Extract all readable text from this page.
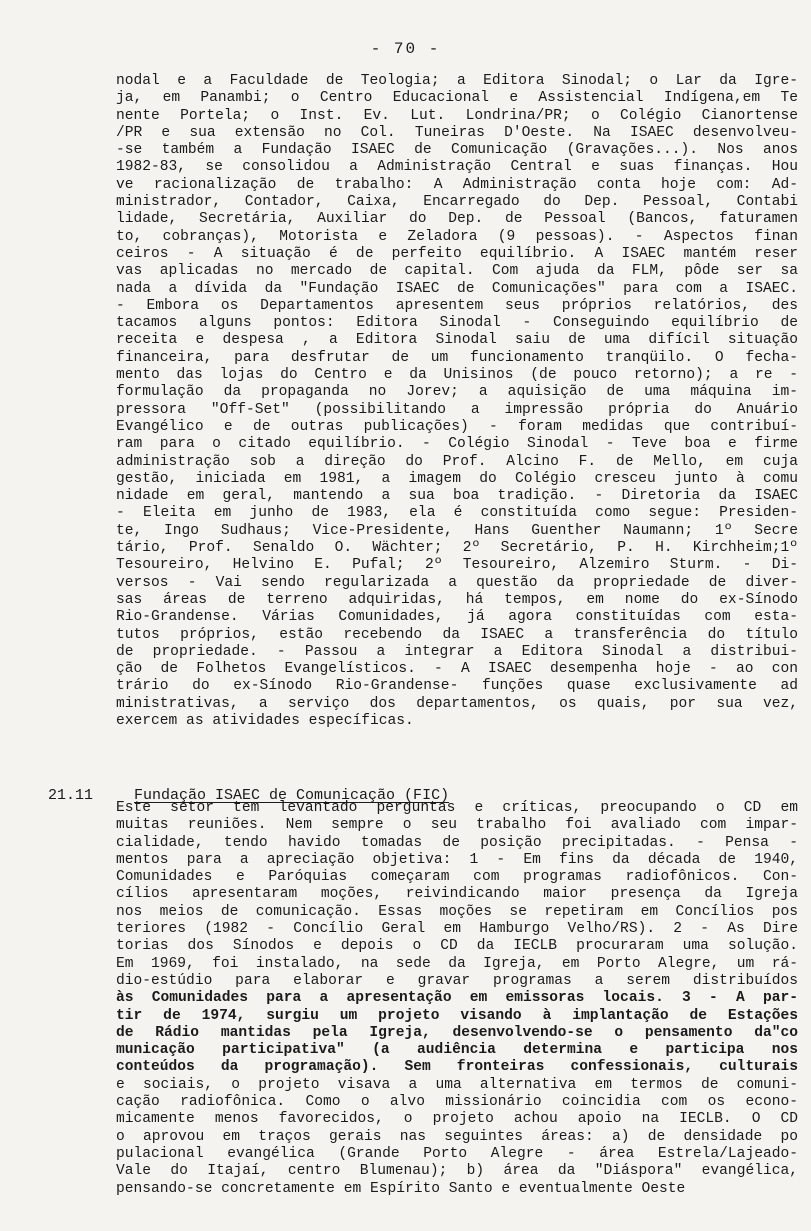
- 70 -
nodal e a Faculdade de Teologia; a Editora Sinodal; o Lar da Igre-
ja, em Panambi; o Centro Educacional e Assistencial Indígena,em Te
nente Portela; o Inst. Ev. Lut. Londrina/PR; o Colégio Cianortense
/PR e sua extensão no Col. Tuneiras D'Oeste. Na ISAEC desenvolveu-
-se também a Fundação ISAEC de Comunicação (Gravações...). Nos anos
1982-83, se consolidou a Administração Central e suas finanças. Hou
ve racionalização de trabalho: A Administração conta hoje com: Ad-
ministrador, Contador, Caixa, Encarregado do Dep. Pessoal, Contabi
lidade, Secretária, Auxiliar do Dep. de Pessoal (Bancos, faturamen
to, cobranças), Motorista e Zeladora (9 pessoas). - Aspectos finan
ceiros - A situação é de perfeito equilíbrio. A ISAEC mantém reser
vas aplicadas no mercado de capital. Com ajuda da FLM, pôde ser sa
nada a dívida da "Fundação ISAEC de Comunicações" para com a ISAEC.
- Embora os Departamentos apresentem seus próprios relatórios, des
tacamos alguns pontos: Editora Sinodal - Conseguindo equilíbrio de
receita e despesa , a Editora Sinodal saiu de uma difícil situação
financeira, para desfrutar de um funcionamento tranqüilo. O fecha-
mento das lojas do Centro e da Unisinos (de pouco retorno); a re -
formulação da propaganda no Jorev; a aquisição de uma máquina im-
pressora "Off-Set" (possibilitando a impressão própria do Anuário
Evangélico e de outras publicações) - foram medidas que contribuí-
ram para o citado equilíbrio. - Colégio Sinodal - Teve boa e firme
administração sob a direção do Prof. Alcino F. de Mello, em cuja
gestão, iniciada em 1981, a imagem do Colégio cresceu junto à comu
nidade em geral, mantendo a sua boa tradição. - Diretoria da ISAEC
- Eleita em junho de 1983, ela é constituída como segue: Presiden-
te, Ingo Sudhaus; Vice-Presidente, Hans Guenther Naumann; 1º Secre
tário, Prof. Senaldo O. Wächter; 2º Secretário, P. H. Kirchheim;1º
Tesoureiro, Helvino E. Pufal; 2º Tesoureiro, Alzemiro Sturm. - Di-
versos - Vai sendo regularizada a questão da propriedade de diver-
sas áreas de terreno adquiridas, há tempos, em nome do ex-Sínodo
Rio-Grandense. Várias Comunidades, já agora constituídas com esta-
tutos próprios, estão recebendo da ISAEC a transferência do título
de propriedade. - Passou a integrar a Editora Sinodal a distribui-
ção de Folhetos Evangelísticos. - A ISAEC desempenha hoje - ao con
trário do ex-Sínodo Rio-Grandense- funções quase exclusivamente ad
ministrativas, a serviço dos departamentos, os quais, por sua vez,
exercem as atividades específicas.

21.11	Fundação ISAEC de Comunicação (FIC)

Este setor tem levantado perguntas e críticas, preocupando o CD em
muitas reuniões. Nem sempre o seu trabalho foi avaliado com impar-
cialidade, tendo havido tomadas de posição precipitadas. - Pensa -
mentos para a apreciação objetiva: 1 - Em fins da década de 1940,
Comunidades e Paróquias começaram com programas radiofônicos. Con-
cílios apresentaram moções, reivindicando maior presença da Igreja
nos meios de comunicação. Essas moções se repetiram em Concílios pos
teriores (1982 - Concílio Geral em Hamburgo Velho/RS). 2 - As Dire
torias dos Sínodos e depois o CD da IECLB procuraram uma solução.
Em 1969, foi instalado, na sede da Igreja, em Porto Alegre, um rá-
dio-estúdio para elaborar e gravar programas a serem distribuídos
às Comunidades para a apresentação em emissoras locais. 3 - A par-
tir de 1974, surgiu um projeto visando à implantação de Estações
de Rádio mantidas pela Igreja, desenvolvendo-se o pensamento da"co
municação participativa" (a audiência determina e participa nos
conteúdos da programação). Sem fronteiras confessionais, culturais
e sociais, o projeto visava a uma alternativa em termos de comuni-
cação radiofônica. Como o alvo missionário coincidia com os econo-
micamente menos favorecidos, o projeto achou apoio na IECLB. O CD
o aprovou em traços gerais nas seguintes áreas: a) de densidade po
pulacional evangélica (Grande Porto Alegre - área Estrela/Lajeado-
Vale do Itajaí, centro Blumenau); b) área da "Diáspora" evangélica,
pensando-se concretamente em Espírito Santo e eventualmente Oeste
